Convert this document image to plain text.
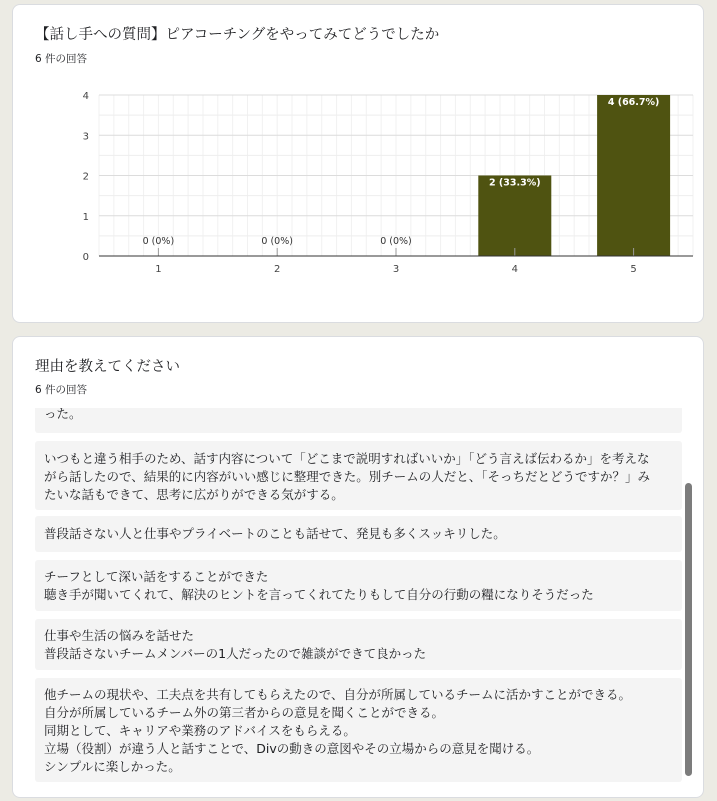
【話し手への質問】ピアコーチングをやってみてどうでしたか
6 件の回答
0
1
2
3
4
0 (0%)
1
0 (0%)
2
0 (0%)
3
2 (33.3%)
4
4 (66.7%)
5
理由を教えてください
6 件の回答
った。
いつもと違う相手のため、話す内容について「どこまで説明すればいいか」「どう言えば伝わるか」を考えな
がら話したので、結果的に内容がいい感じに整理できた。別チームの人だと、「そっちだとどうですか？」み
たいな話もできて、思考に広がりができる気がする。
普段話さない人と仕事やプライベートのことも話せて、発見も多くスッキリした。
チーフとして深い話をすることができた
聴き手が聞いてくれて、解決のヒントを言ってくれてたりもして自分の行動の糧になりそうだった
仕事や生活の悩みを話せた
普段話さないチームメンバーの1人だったので雑談ができて良かった
他チームの現状や、工夫点を共有してもらえたので、自分が所属しているチームに活かすことができる。
自分が所属しているチーム外の第三者からの意見を聞くことができる。
同期として、キャリアや業務のアドバイスをもらえる。
立場（役割）が違う人と話すことで、Divの動きの意図やその立場からの意見を聞ける。
シンプルに楽しかった。
